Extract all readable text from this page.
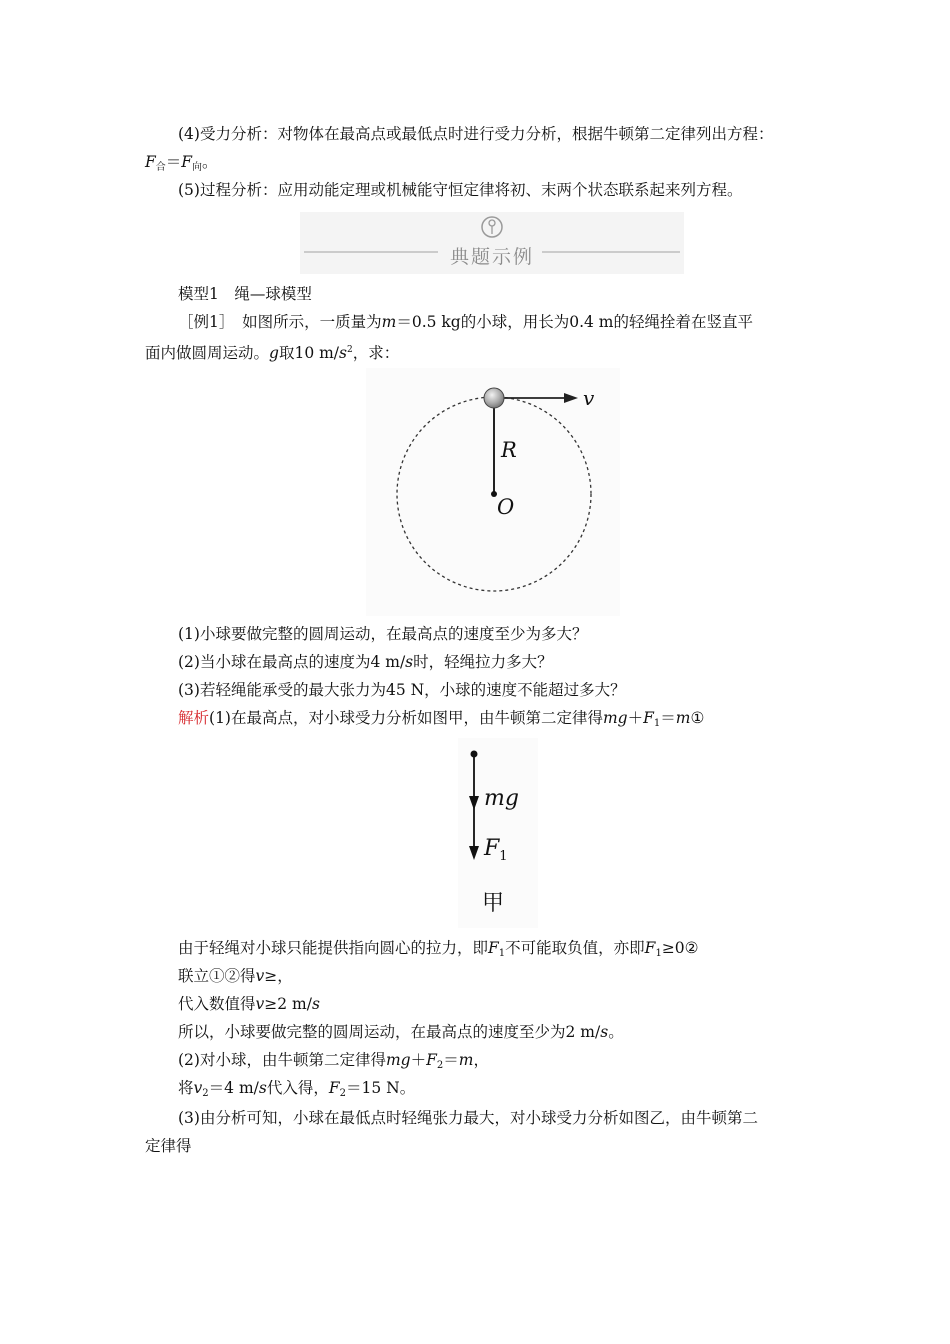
(4)受力分析：对物体在最高点或最低点时进行受力分析，根据牛顿第二定律列出方程：
$F_合=F_向$。
(5)过程分析：应用动能定理或机械能守恒定律将初、末两个状态联系起来列方程。
典题示例
模型1　绳—球模型
［例1］　如图所示，一质量为m＝0.5 kg的小球，用长为0.4 m的轻绳拴着在竖直平
面内做圆周运动。g取10 $m/s^2$，求：
v
R
O
(1)小球要做完整的圆周运动，在最高点的速度至少为多大？
(2)当小球在最高点的速度为4 m/s时，轻绳拉力多大？
(3)若轻绳能承受的最大张力为45 N，小球的速度不能超过多大？
解析(1)在最高点，对小球受力分析如图甲，由牛顿第二定律得$mg+F_1=m①$
mg
$F_1$
甲
由于轻绳对小球只能提供指向圆心的拉力，即$F_1$不可能取负值，亦即$F_1\ge 0②$
联立①②得v≥，
代入数值得v≥2 m/s
所以，小球要做完整的圆周运动，在最高点的速度至少为2 m/s。
(2)对小球，由牛顿第二定律得$mg+F_2=m$，
将$v_2=4$ m/s代入得，$F_2=15$ N。
(3)由分析可知，小球在最低点时轻绳张力最大，对小球受力分析如图乙，由牛顿第二
定律得
